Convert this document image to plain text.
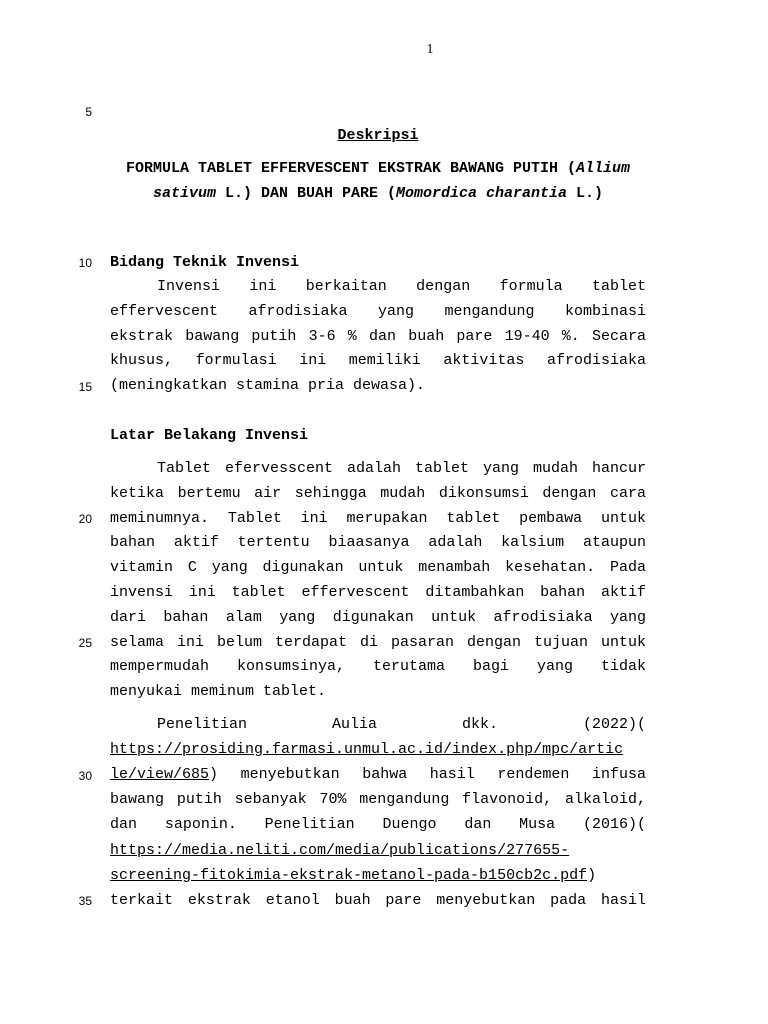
1
5
10
15
20
25
30
35
Deskripsi
FORMULA TABLET EFFERVESCENT EKSTRAK BAWANG PUTIH (Allium
sativum L.) DAN BUAH PARE (Momordica charantia L.)
Bidang Teknik Invensi
Invensi ini berkaitan dengan formula tablet
effervescent afrodisiaka yang mengandung kombinasi
ekstrak bawang putih 3-6 % dan buah pare 19-40 %. Secara
khusus, formulasi ini memiliki aktivitas afrodisiaka
(meningkatkan stamina pria dewasa).
Latar Belakang Invensi
Tablet efervesscent adalah tablet yang mudah hancur
ketika bertemu air sehingga mudah dikonsumsi dengan cara
meminumnya. Tablet ini merupakan tablet pembawa untuk
bahan aktif tertentu biaasanya adalah kalsium ataupun
vitamin C yang digunakan untuk menambah kesehatan. Pada
invensi ini tablet effervescent ditambahkan bahan aktif
dari bahan alam yang digunakan untuk afrodisiaka yang
selama ini belum terdapat di pasaran dengan tujuan untuk
mempermudah konsumsinya, terutama bagi yang tidak
menyukai meminum tablet.
Penelitian Aulia dkk. (2022)(
https://prosiding.farmasi.unmul.ac.id/index.php/mpc/artic
le/view/685 ) menyebutkan bahwa hasil rendemen infusa
bawang putih sebanyak 70% mengandung flavonoid, alkaloid,
dan saponin. Penelitian Duengo dan Musa (2016)(
https://media.neliti.com/media/publications/277655-
screening-fitokimia-ekstrak-metanol-pada-b150cb2c.pdf)
terkait ekstrak etanol buah pare menyebutkan pada hasil
